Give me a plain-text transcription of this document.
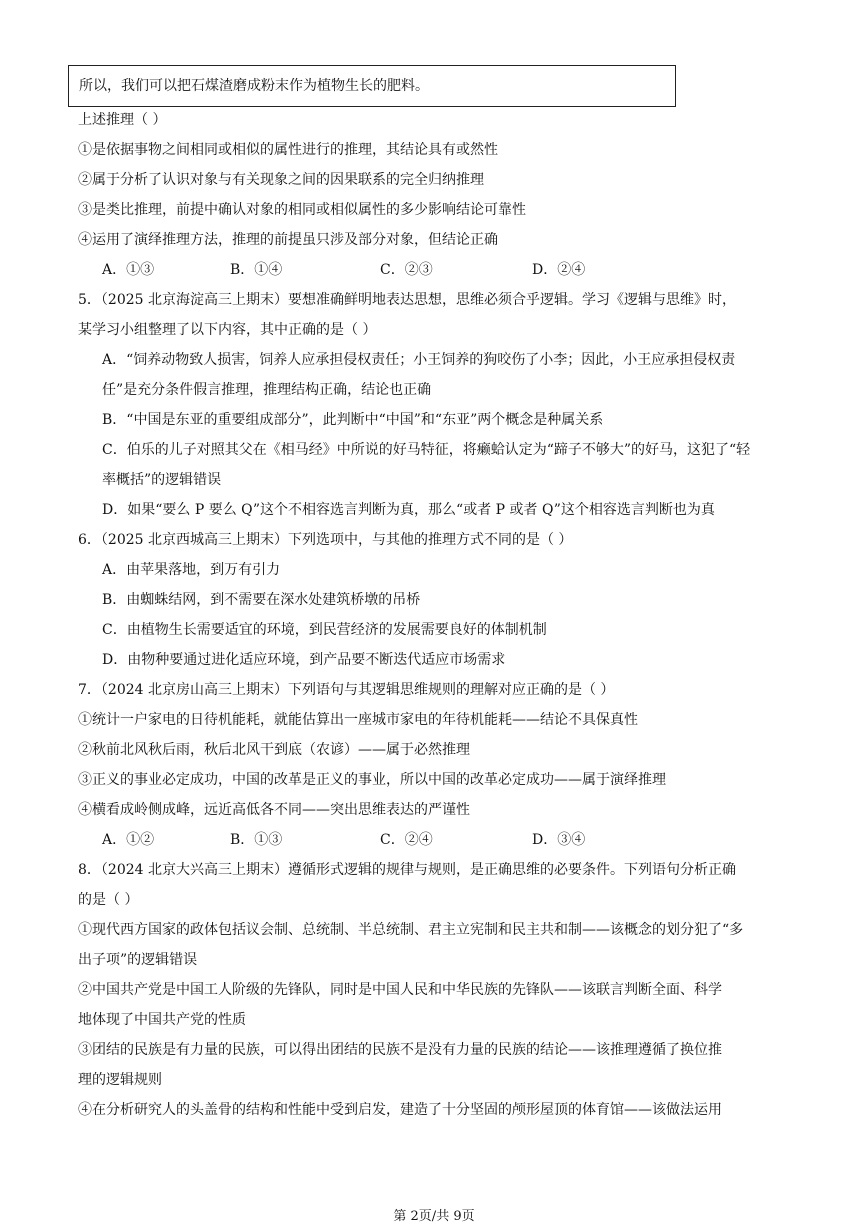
所以，我们可以把石煤渣磨成粉末作为植物生长的肥料。
上述推理（ ）
①是依据事物之间相同或相似的属性进行的推理，其结论具有或然性
②属于分析了认识对象与有关现象之间的因果联系的完全归纳推理
③是类比推理，前提中确认对象的相同或相似属性的多少影响结论可靠性
④运用了演绎推理方法，推理的前提虽只涉及部分对象，但结论正确
A．①③	B．①④	C．②③	D．②④
5．（2025 北京海淀高三上期末）要想准确鲜明地表达思想，思维必须合乎逻辑。学习《逻辑与思维》时，
某学习小组整理了以下内容，其中正确的是（ ）
A．“饲养动物致人损害，饲养人应承担侵权责任；小王饲养的狗咬伤了小李；因此，小王应承担侵权责
任”是充分条件假言推理，推理结构正确，结论也正确
B．“中国是东亚的重要组成部分”，此判断中“中国”和“东亚”两个概念是种属关系
C．伯乐的儿子对照其父在《相马经》中所说的好马特征，将癞蛤认定为“蹄子不够大”的好马，这犯了“轻
率概括”的逻辑错误
D．如果“要么 P 要么 Q”这个不相容选言判断为真，那么“或者 P 或者 Q”这个相容选言判断也为真
6．（2025 北京西城高三上期末）下列选项中，与其他的推理方式不同的是（ ）
A．由苹果落地，到万有引力
B．由蜘蛛结网，到不需要在深水处建筑桥墩的吊桥
C．由植物生长需要适宜的环境，到民营经济的发展需要良好的体制机制
D．由物种要通过进化适应环境，到产品要不断迭代适应市场需求
7．（2024 北京房山高三上期末）下列语句与其逻辑思维规则的理解对应正确的是（ ）
①统计一户家电的日待机能耗，就能估算出一座城市家电的年待机能耗——结论不具保真性
②秋前北风秋后雨，秋后北风干到底（农谚）——属于必然推理
③正义的事业必定成功，中国的改革是正义的事业，所以中国的改革必定成功——属于演绎推理
④横看成岭侧成峰，远近高低各不同——突出思维表达的严谨性
A．①②	B．①③	C．②④	D．③④
8．（2024 北京大兴高三上期末）遵循形式逻辑的规律与规则，是正确思维的必要条件。下列语句分析正确
的是（ ）
①现代西方国家的政体包括议会制、总统制、半总统制、君主立宪制和民主共和制——该概念的划分犯了“多
出子项”的逻辑错误
②中国共产党是中国工人阶级的先锋队，同时是中国人民和中华民族的先锋队——该联言判断全面、科学
地体现了中国共产党的性质
③团结的民族是有力量的民族，可以得出团结的民族不是没有力量的民族的结论——该推理遵循了换位推
理的逻辑规则
④在分析研究人的头盖骨的结构和性能中受到启发，建造了十分坚固的颅形屋顶的体育馆——该做法运用
第 2页/共 9页
